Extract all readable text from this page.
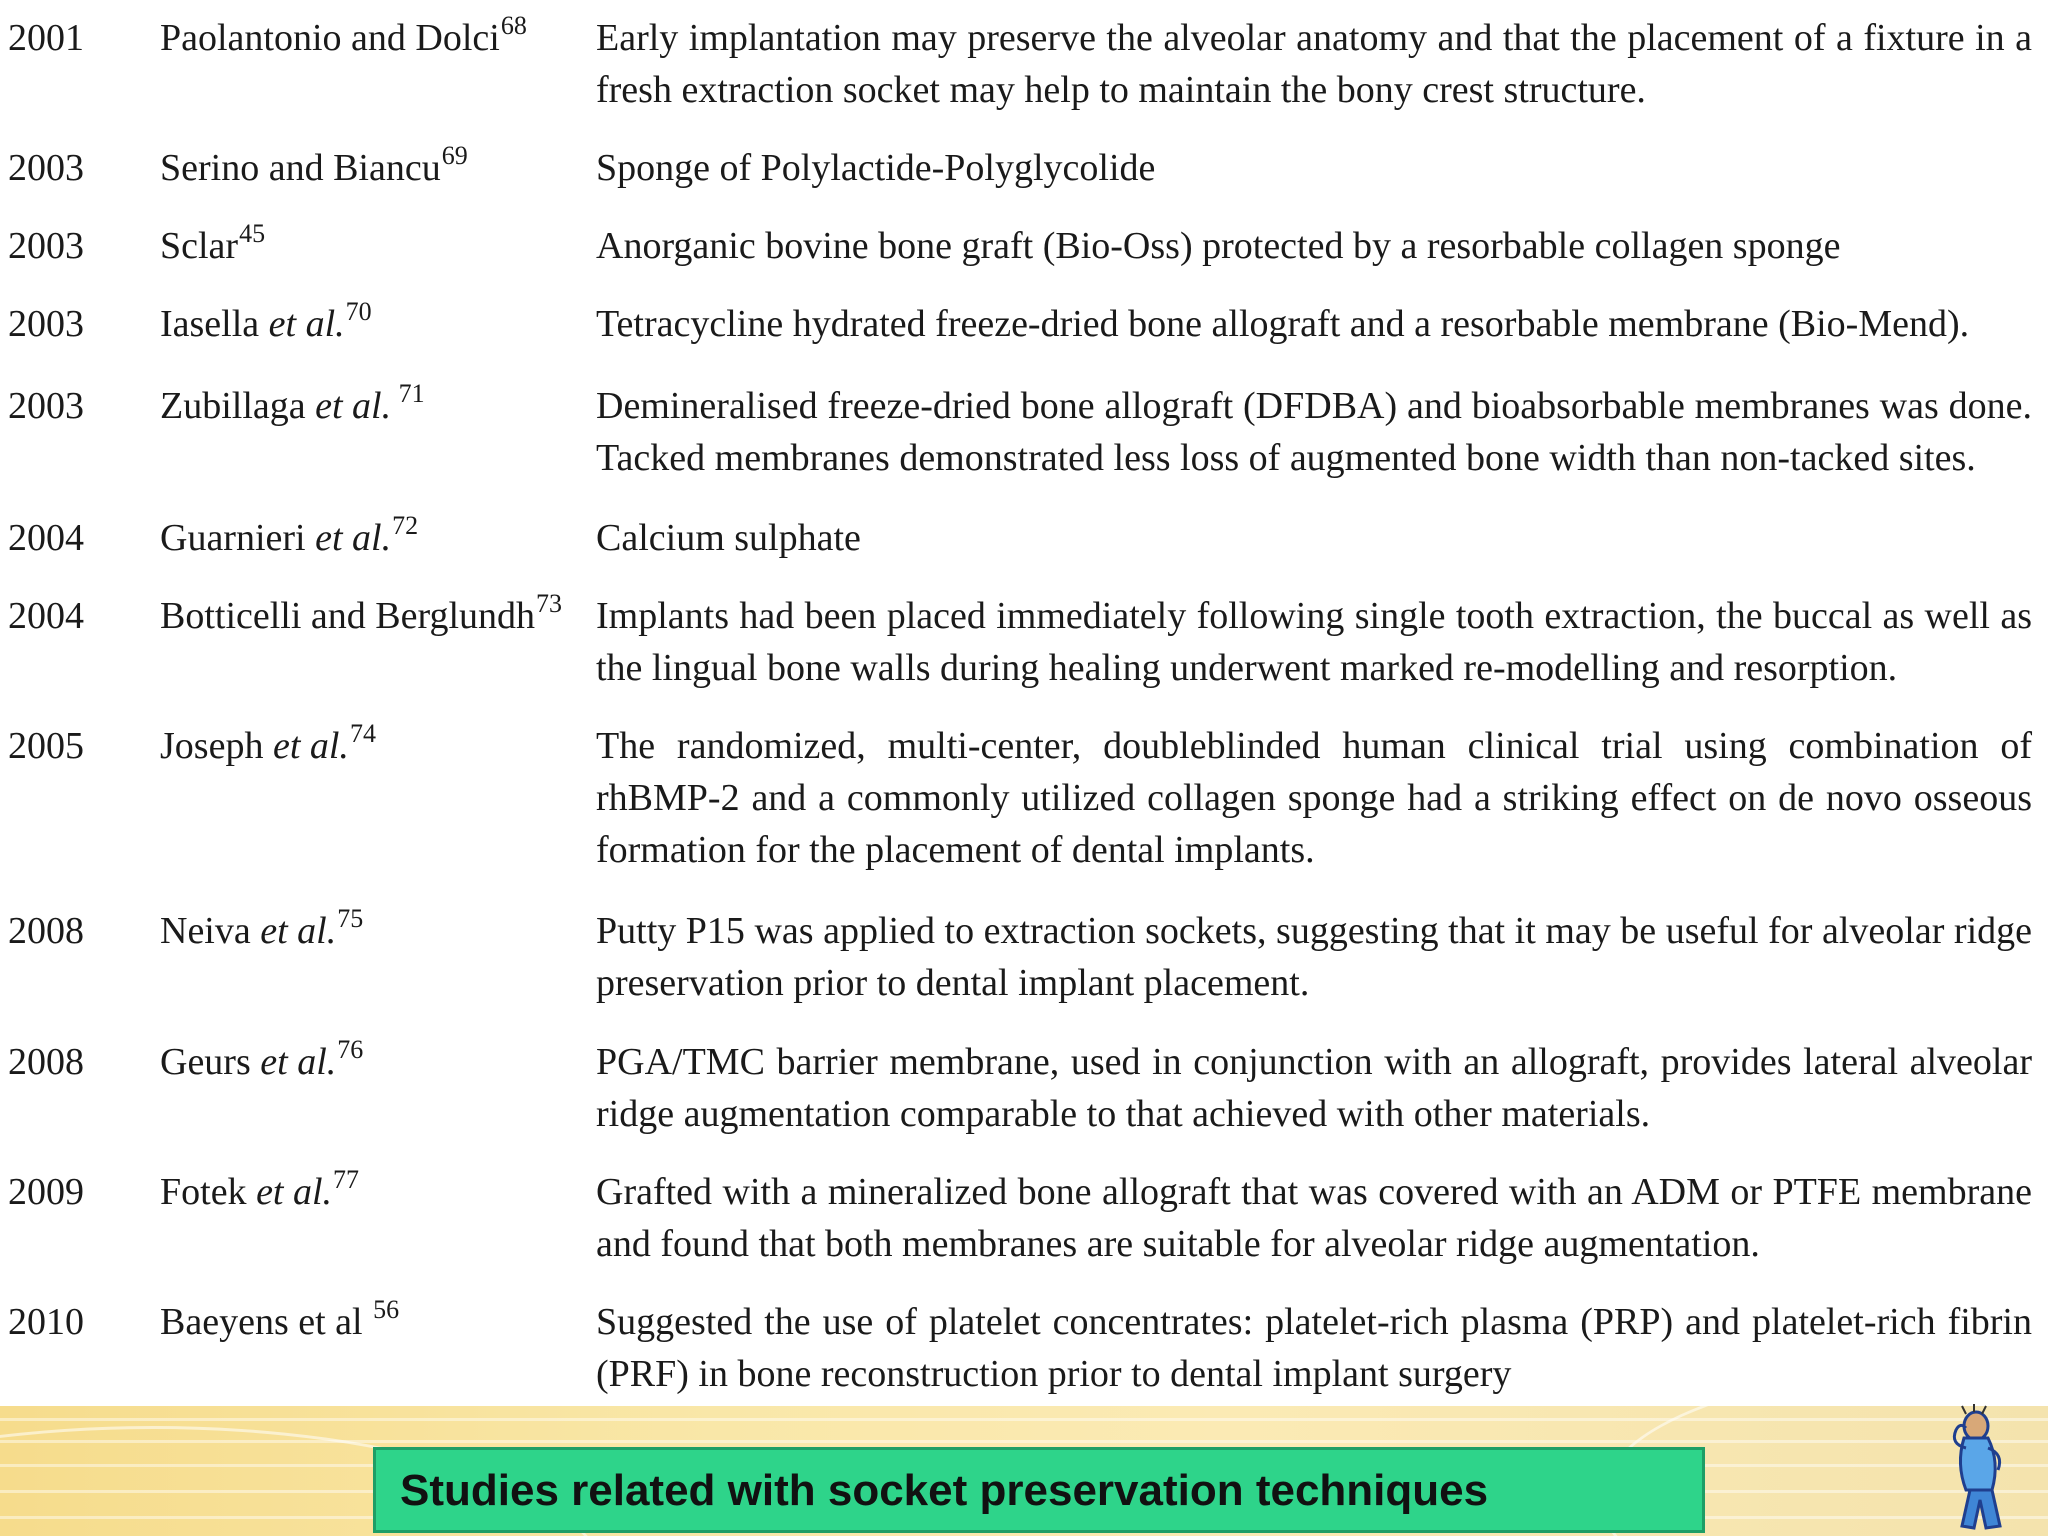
2001 Paolantonio and Dolci$^{68}$ Early implantation may preserve the alveolar anatomy and that the placement of a fixture in a
fresh extraction socket may help to maintain the bony crest structure.
2003 Serino and Biancu$^{69}$	Sponge of Polylactide-Polyglycolide
2003 Sclar$^{45}$	Anorganic bovine bone graft (Bio-Oss) protected by a resorbable collagen sponge
2003 Iasella et al.$^{70}$	Tetracycline hydrated freeze-dried bone allograft and a resorbable membrane (Bio-Mend).
2003 Zubillaga et al. $^{71}$	Demineralised freeze-dried bone allograft (DFDBA) and bioabsorbable membranes was done.
Tacked membranes demonstrated less loss of augmented bone width than non-tacked sites.
2004 Guarnieri et al.$^{72}$	Calcium sulphate
2004 Botticelli and Berglundh$^{73}$ Implants had been placed immediately following single tooth extraction, the buccal as well as
the lingual bone walls during healing underwent marked re-modelling and resorption.
2005 Joseph et al.$^{74}$	The randomized, multi-center, doubleblinded human clinical trial using combination of
rhBMP-2 and a commonly utilized collagen sponge had a striking effect on de novo osseous
formation for the placement of dental implants.
2008 Neiva et al.$^{75}$	Putty P15 was applied to extraction sockets, suggesting that it may be useful for alveolar ridge
preservation prior to dental implant placement.
2008 Geurs et al.$^{76}$	PGA/TMC barrier membrane, used in conjunction with an allograft, provides lateral alveolar
ridge augmentation comparable to that achieved with other materials.
2009 Fotek et al.$^{77}$	Grafted with a mineralized bone allograft that was covered with an ADM or PTFE membrane
and found that both membranes are suitable for alveolar ridge augmentation.
2010 Baeyens et al $^{56}$	Suggested the use of platelet concentrates: platelet-rich plasma (PRP) and platelet-rich fibrin
(PRF) in bone reconstruction prior to dental implant surgery
Studies related with socket preservation techniques
